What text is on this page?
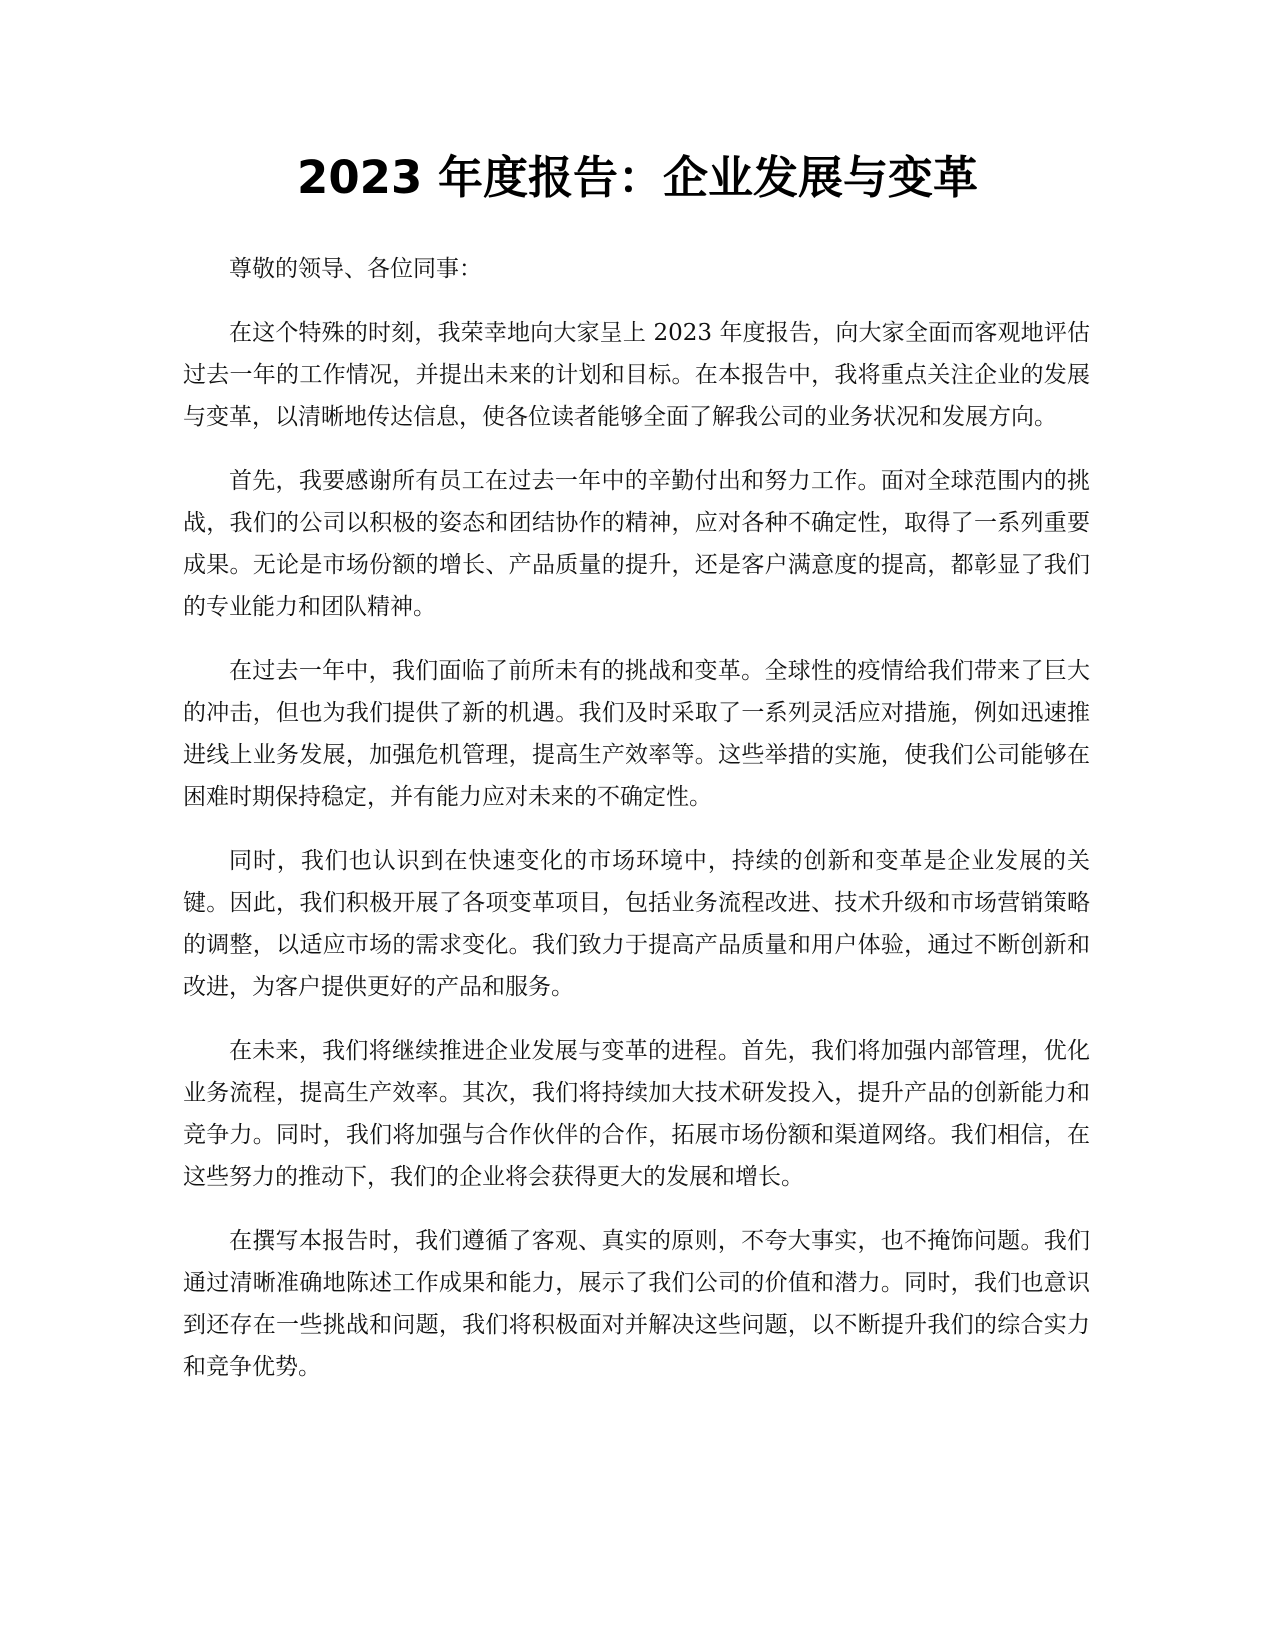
2023 年度报告：企业发展与变革

尊敬的领导、各位同事：

在这个特殊的时刻，我荣幸地向大家呈上 2023 年度报告，向大家全面而客观地评估过去一年的工作情况，并提出未来的计划和目标。在本报告中，我将重点关注企业的发展与变革，以清晰地传达信息，使各位读者能够全面了解我公司的业务状况和发展方向。

首先，我要感谢所有员工在过去一年中的辛勤付出和努力工作。面对全球范围内的挑战，我们的公司以积极的姿态和团结协作的精神，应对各种不确定性，取得了一系列重要成果。无论是市场份额的增长、产品质量的提升，还是客户满意度的提高，都彰显了我们的专业能力和团队精神。

在过去一年中，我们面临了前所未有的挑战和变革。全球性的疫情给我们带来了巨大的冲击，但也为我们提供了新的机遇。我们及时采取了一系列灵活应对措施，例如迅速推进线上业务发展，加强危机管理，提高生产效率等。这些举措的实施，使我们公司能够在困难时期保持稳定，并有能力应对未来的不确定性。

同时，我们也认识到在快速变化的市场环境中，持续的创新和变革是企业发展的关键。因此，我们积极开展了各项变革项目，包括业务流程改进、技术升级和市场营销策略的调整，以适应市场的需求变化。我们致力于提高产品质量和用户体验，通过不断创新和改进，为客户提供更好的产品和服务。

在未来，我们将继续推进企业发展与变革的进程。首先，我们将加强内部管理，优化业务流程，提高生产效率。其次，我们将持续加大技术研发投入，提升产品的创新能力和竞争力。同时，我们将加强与合作伙伴的合作，拓展市场份额和渠道网络。我们相信，在这些努力的推动下，我们的企业将会获得更大的发展和增长。

在撰写本报告时，我们遵循了客观、真实的原则，不夸大事实，也不掩饰问题。我们通过清晰准确地陈述工作成果和能力，展示了我们公司的价值和潜力。同时，我们也意识到还存在一些挑战和问题，我们将积极面对并解决这些问题，以不断提升我们的综合实力和竞争优势。
